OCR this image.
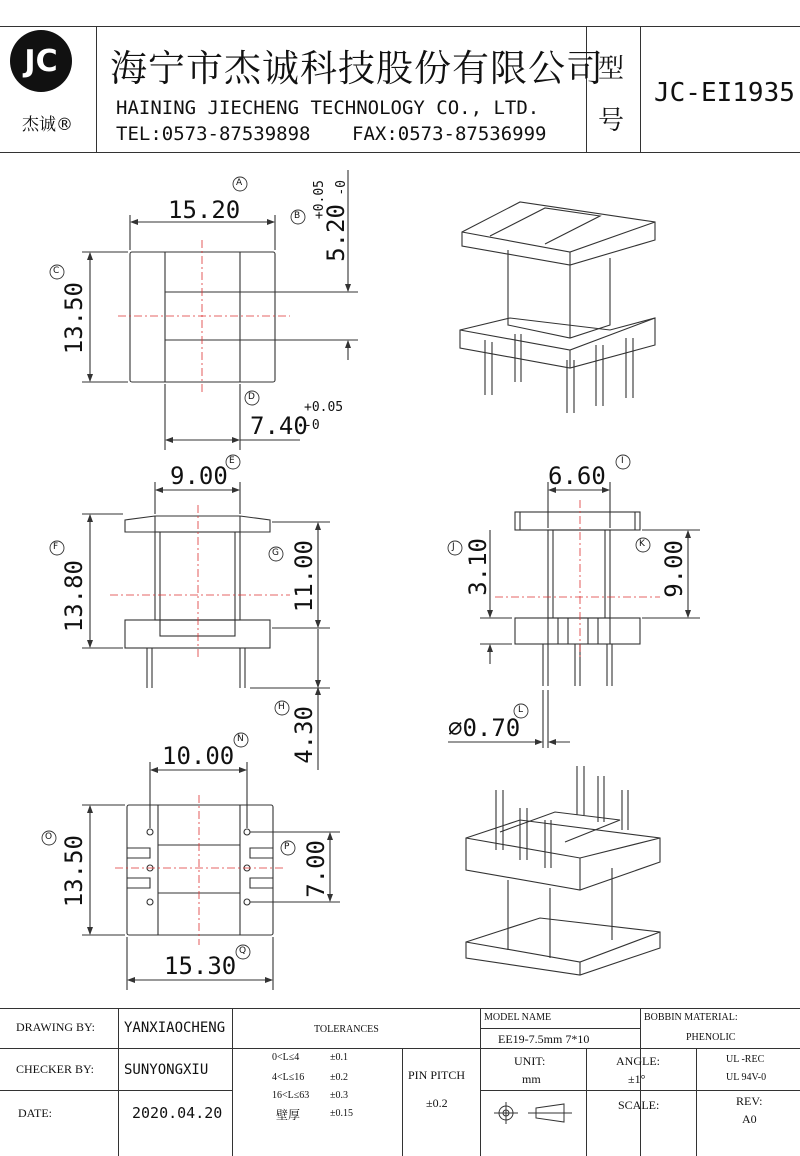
JC
杰诚®
海宁市杰诚科技股份有限公司
HAINING JIECHENG TECHNOLOGY CO., LTD.
TEL:0573-87539898 FAX:0573-87536999
型
号
JC-EI1935
A
B
C
D
E
F
G
H
I
J	K
L
N
O
P
Q
15.20	5.20
+0.05 -0
13.50
7.40
+0.05
-0
9.00
13.80	11.00
4.30
6.60
3.10	9.00
⌀0.70
10.00
13.50	7.00
15.30
DRAWING BY: YANXIAOCHENG
CHECKER BY: SUNYONGXIU
DATE:	2020.04.20
TOLERANCES
0<L≤4	±0.1
4<L≤16	±0.2
16<L≤63 ±0.3
壁厚	±0.15
PIN PITCH
±0.2
MODEL NAME
EE19-7.5mm 7*10
UNIT:
mm
ANGLE:
±1°
SCALE:
BOBBIN MATERIAL:
PHENOLIC
UL -REC
UL 94V-0
REV:
A0
